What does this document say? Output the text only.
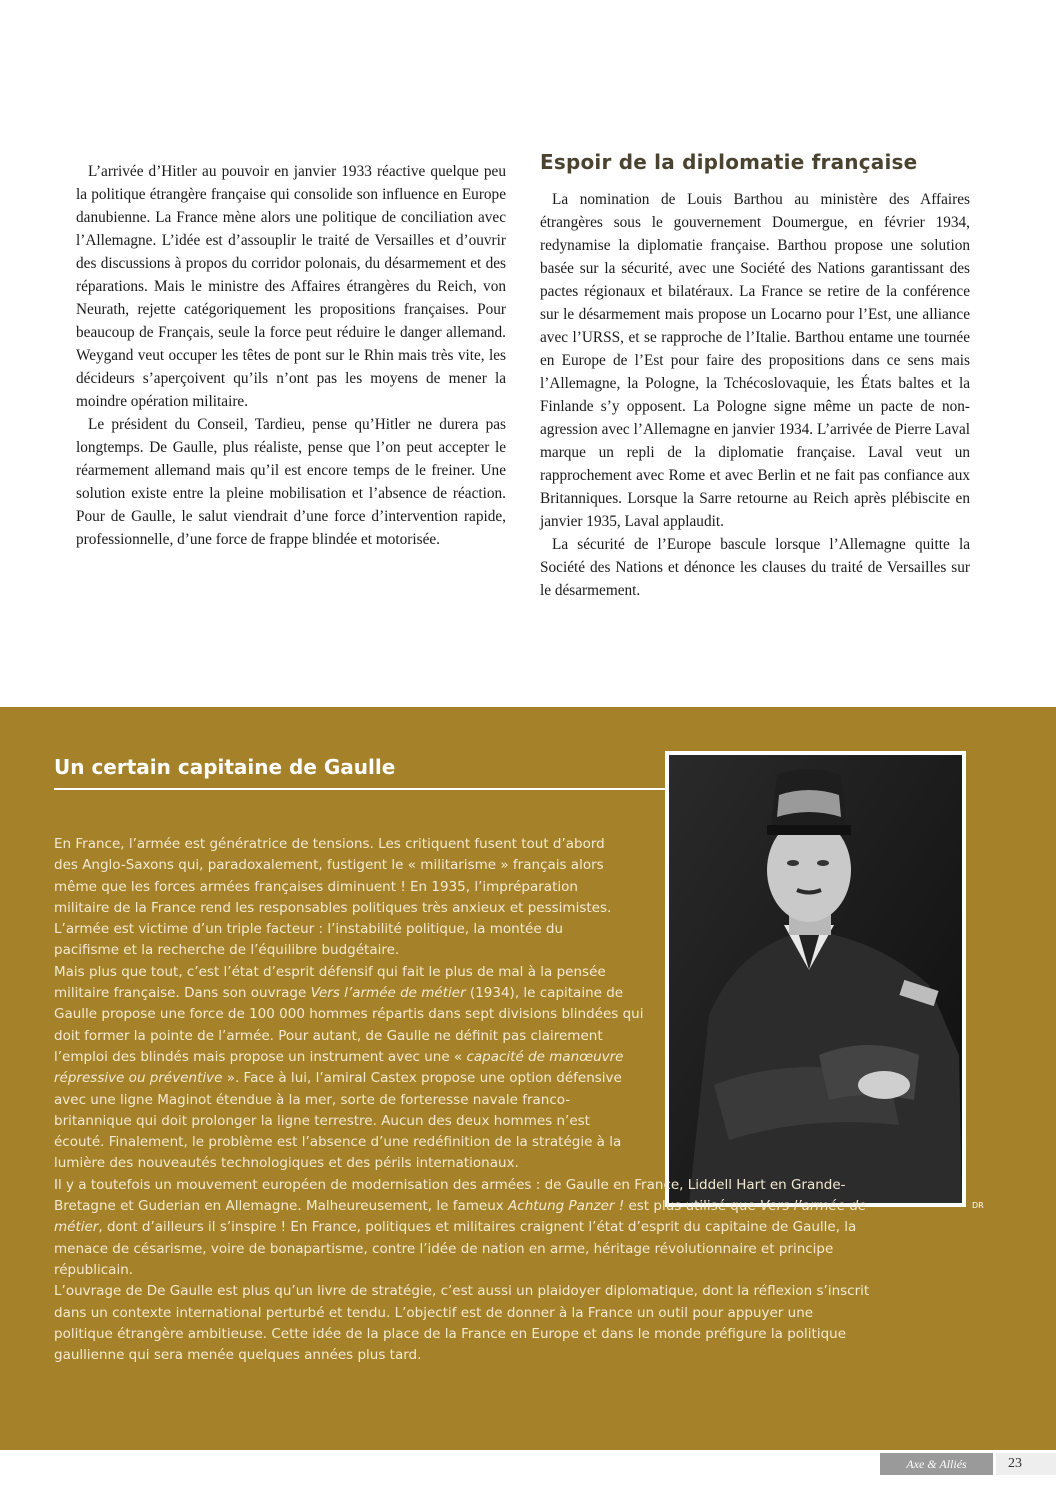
L’arrivée d’Hitler au pouvoir en janvier 1933 réactive quelque peu la politique étrangère française qui consolide son influence en Europe danubienne. La France mène alors une politique de conciliation avec l’Allemagne. L’idée est d’assouplir le traité de Versailles et d’ouvrir des discussions à propos du corridor polonais, du désarmement et des réparations. Mais le ministre des Affaires étrangères du Reich, von Neurath, rejette catégoriquement les propositions françaises. Pour beaucoup de Français, seule la force peut réduire le danger allemand. Weygand veut occuper les têtes de pont sur le Rhin mais très vite, les décideurs s’aperçoivent qu’ils n’ont pas les moyens de mener la moindre opération militaire.

Le président du Conseil, Tardieu, pense qu’Hitler ne durera pas longtemps. De Gaulle, plus réaliste, pense que l’on peut accepter le réarmement allemand mais qu’il est encore temps de le freiner. Une solution existe entre la pleine mobilisation et l’absence de réaction. Pour de Gaulle, le salut viendrait d’une force d’intervention rapide, professionnelle, d’une force de frappe blindée et motorisée.

Espoir de la diplomatie française

La nomination de Louis Barthou au ministère des Affaires étrangères sous le gouvernement Doumergue, en février 1934, redynamise la diplomatie française. Barthou propose une solution basée sur la sécurité, avec une Société des Nations garantissant des pactes régionaux et bilatéraux. La France se retire de la conférence sur le désarmement mais propose un Locarno pour l’Est, une alliance avec l’URSS, et se rapproche de l’Italie. Barthou entame une tournée en Europe de l’Est pour faire des propositions dans ce sens mais l’Allemagne, la Pologne, la Tchécoslovaquie, les États baltes et la Finlande s’y opposent. La Pologne signe même un pacte de non-agression avec l’Allemagne en janvier 1934. L’arrivée de Pierre Laval marque un repli de la diplomatie française. Laval veut un rapprochement avec Rome et avec Berlin et ne fait pas confiance aux Britanniques. Lorsque la Sarre retourne au Reich après plébiscite en janvier 1935, Laval applaudit.

La sécurité de l’Europe bascule lorsque l’Allemagne quitte la Société des Nations et dénonce les clauses du traité de Versailles sur le désarmement.

Un certain capitaine de Gaulle
DR

En France, l’armée est génératrice de tensions. Les critiquent fusent tout d’abord des Anglo-Saxons qui, paradoxalement, fustigent le « militarisme » français alors même que les forces armées françaises diminuent ! En 1935, l’impréparation militaire de la France rend les responsables politiques très anxieux et pessimistes. L’armée est victime d’un triple facteur : l’instabilité politique, la montée du pacifisme et la recherche de l’équilibre budgétaire.

Mais plus que tout, c’est l’état d’esprit défensif qui fait le plus de mal à la pensée militaire française. Dans son ouvrage Vers l’armée de métier (1934), le capitaine de Gaulle propose une force de 100 000 hommes répartis dans sept divisions blindées qui doit former la pointe de l’armée. Pour autant, de Gaulle ne définit pas clairement l’emploi des blindés mais propose un instrument avec une « capacité de manœuvre répressive ou préventive ». Face à lui, l’amiral Castex propose une option défensive avec une ligne Maginot étendue à la mer, sorte de forteresse navale franco-britannique qui doit prolonger la ligne terrestre. Aucun des deux hommes n’est écouté. Finalement, le problème est l’absence d’une redéfinition de la stratégie à la lumière des nouveautés technologiques et des périls internationaux.

Il y a toutefois un mouvement européen de modernisation des armées : de Gaulle en France, Liddell Hart en Grande-Bretagne et Guderian en Allemagne. Malheureusement, le fameux Achtung Panzer ! est plus utilisé que Vers l’armée de métier, dont d’ailleurs il s’inspire ! En France, politiques et militaires craignent l’état d’esprit du capitaine de Gaulle, la menace de césarisme, voire de bonapartisme, contre l’idée de nation en arme, héritage révolutionnaire et principe républicain.

L’ouvrage de De Gaulle est plus qu’un livre de stratégie, c’est aussi un plaidoyer diplomatique, dont la réflexion s’inscrit dans un contexte international perturbé et tendu. L’objectif est de donner à la France un outil pour appuyer une politique étrangère ambitieuse. Cette idée de la place de la France en Europe et dans le monde préfigure la politique gaullienne qui sera menée quelques années plus tard.

Axe & Alliés	23
